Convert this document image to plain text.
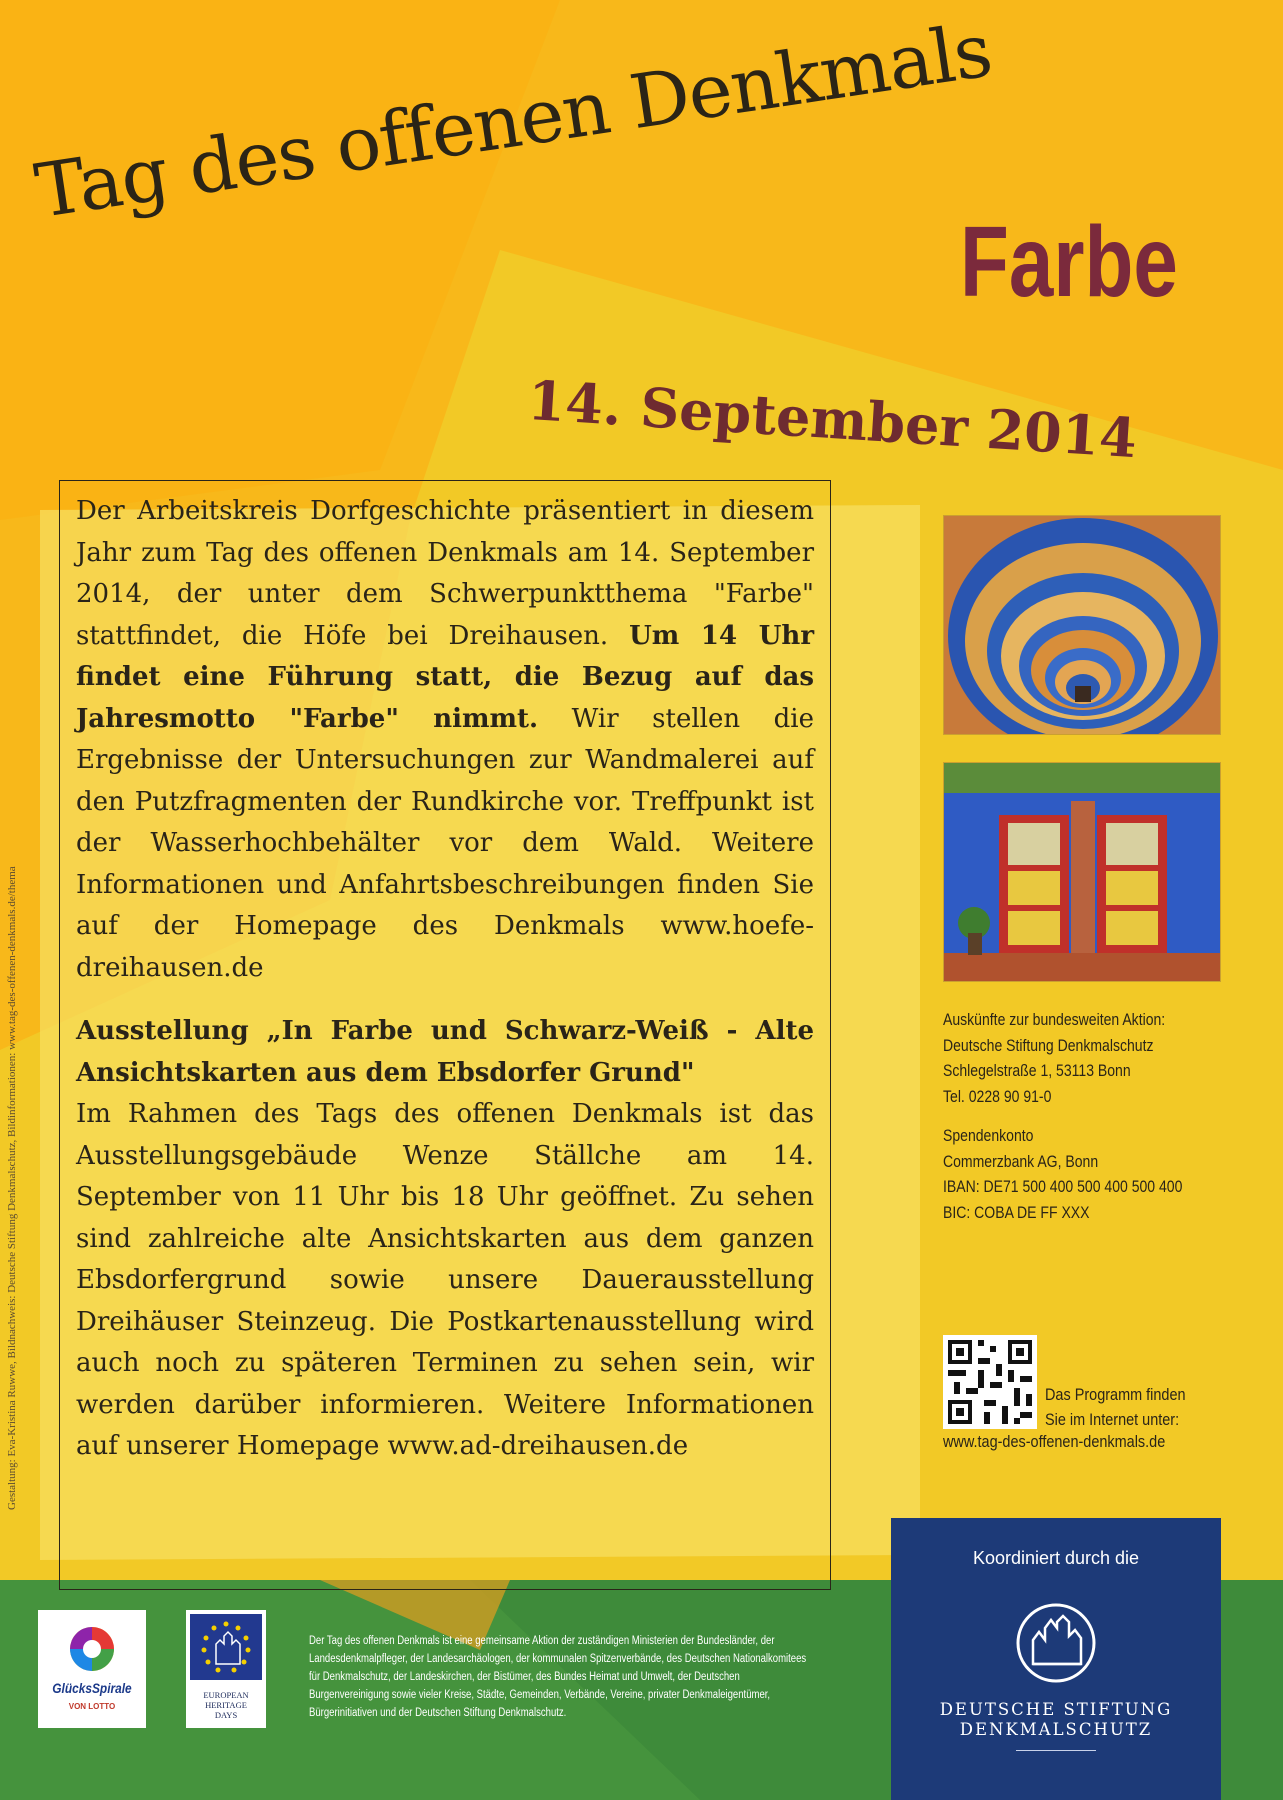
Tag des offenen Denkmals
Farbe
14. September 2014
Gestaltung: Eva-Kristina Ruwwe, Bildnachweis: Deutsche Stiftung Denkmalschutz, Bildinformationen: www.tag-des-offenen-denkmals.de/thema

Der Arbeitskreis Dorfgeschichte präsentiert in diesem Jahr zum Tag des offenen Denkmals am 14. September 2014, der unter dem Schwerpunktthema "Farbe" stattfindet, die Höfe bei Dreihausen. Um 14 Uhr findet eine Führung statt, die Bezug auf das Jahresmotto "Farbe" nimmt. Wir stellen die Ergebnisse der Untersuchungen zur Wandmalerei auf den Putzfragmenten der Rundkirche vor. Treffpunkt ist der Wasserhochbehälter vor dem Wald. Weitere Informationen und Anfahrtsbeschreibungen finden Sie auf der Homepage des Denkmals www.hoefe-dreihausen.de

Ausstellung „In Farbe und Schwarz-Weiß - Alte Ansichtskarten aus dem Ebsdorfer Grund"

Im Rahmen des Tags des offenen Denkmals ist das Ausstellungsgebäude Wenze Ställche am 14. September von 11 Uhr bis 18 Uhr geöffnet. Zu sehen sind zahlreiche alte Ansichtskarten aus dem ganzen Ebsdorfergrund sowie unsere Dauerausstellung Dreihäuser Steinzeug. Die Postkartenausstellung wird auch noch zu späteren Terminen zu sehen sein, wir werden darüber informieren. Weitere Informationen auf unserer Homepage www.ad-dreihausen.de

Auskünfte zur bundesweiten Aktion:
Deutsche Stiftung Denkmalschutz
Schlegelstraße 1, 53113 Bonn
Tel. 0228 90 91-0
Spendenkonto
Commerzbank AG, Bonn
IBAN: DE71 500 400 500 400 500 400
BIC: COBA DE FF XXX
Das Programm finden
Sie im Internet unter:
www.tag-des-offenen-denkmals.de
GlücksSpirale
VON LOTTO
EUROPEAN
HERITAGE
DAYS
Der Tag des offenen Denkmals ist eine gemeinsame Aktion der zuständigen Ministerien der Bundesländer, der Landesdenkmalpfleger, der Landesarchäologen, der kommunalen Spitzenverbände, des Deutschen Nationalkomitees für Denkmalschutz, der Landeskirchen, der Bistümer, des Bundes Heimat und Umwelt, der Deutschen Burgenvereinigung sowie vieler Kreise, Städte, Gemeinden, Verbände, Vereine, privater Denkmaleigentümer, Bürgerinitiativen und der Deutschen Stiftung Denkmalschutz.
Koordiniert durch die
DEUTSCHE STIFTUNG
DENKMALSCHUTZ
